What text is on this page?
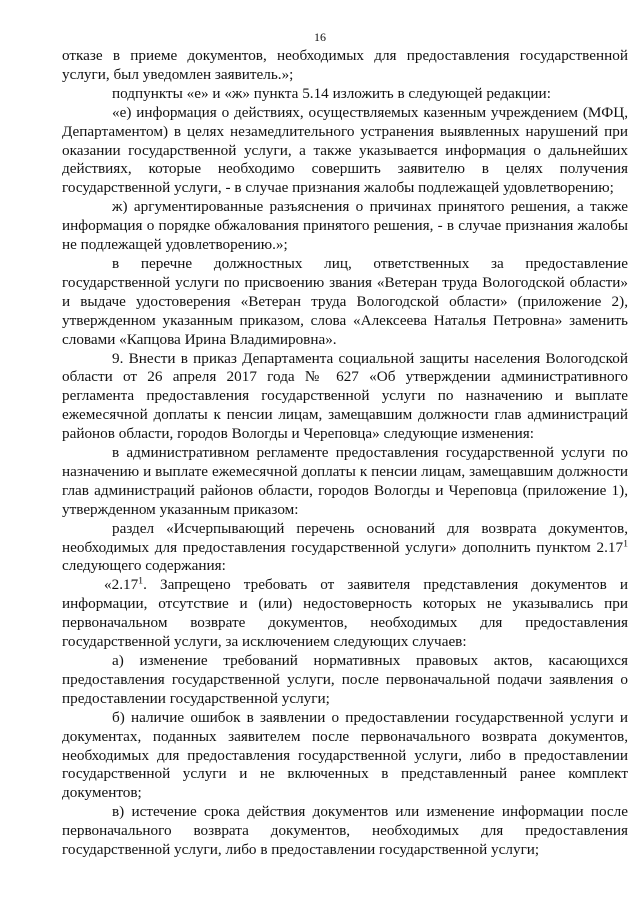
16

отказе в приеме документов, необходимых для предоставления государственной услуги, был уведомлен заявитель.»;

подпункты «е» и «ж» пункта 5.14 изложить в следующей редакции:

«е) информация о действиях, осуществляемых казенным учреждением (МФЦ, Департаментом) в целях незамедлительного устранения выявленных нарушений при оказании государственной услуги, а также указывается информация о дальнейших действиях, которые необходимо совершить заявителю в целях получения государственной услуги, - в случае признания жалобы подлежащей удовлетворению;

ж) аргументированные разъяснения о причинах принятого решения, а также информация о порядке обжалования принятого решения, - в случае признания жалобы не подлежащей удовлетворению.»;

в перечне должностных лиц, ответственных за предоставление государственной услуги по присвоению звания «Ветеран труда Вологодской области» и выдаче удостоверения «Ветеран труда Вологодской области» (приложение 2), утвержденном указанным приказом, слова «Алексеева Наталья Петровна» заменить словами «Капцова Ирина Владимировна».

9. Внести в приказ Департамента социальной защиты населения Вологодской области от 26 апреля 2017 года № 627 «Об утверждении административного регламента предоставления государственной услуги по назначению и выплате ежемесячной доплаты к пенсии лицам, замещавшим должности глав администраций районов области, городов Вологды и Череповца» следующие изменения:

в административном регламенте предоставления государственной услуги по назначению и выплате ежемесячной доплаты к пенсии лицам, замещавшим должности глав администраций районов области, городов Вологды и Череповца (приложение 1), утвержденном указанным приказом:

раздел «Исчерпывающий перечень оснований для возврата документов, необходимых для предоставления государственной услуги» дополнить пунктом 2.17$^1$ следующего содержания:

«2.17$^1$. Запрещено требовать от заявителя представления документов и информации, отсутствие и (или) недостоверность которых не указывались при первоначальном возврате документов, необходимых для предоставления государственной услуги, за исключением следующих случаев:

а) изменение требований нормативных правовых актов, касающихся предоставления государственной услуги, после первоначальной подачи заявления о предоставлении государственной услуги;

б) наличие ошибок в заявлении о предоставлении государственной услуги и документах, поданных заявителем после первоначального возврата документов, необходимых для предоставления государственной услуги, либо в предоставлении государственной услуги и не включенных в представленный ранее комплект документов;

в) истечение срока действия документов или изменение информации после первоначального возврата документов, необходимых для предоставления государственной услуги, либо в предоставлении государственной услуги;
